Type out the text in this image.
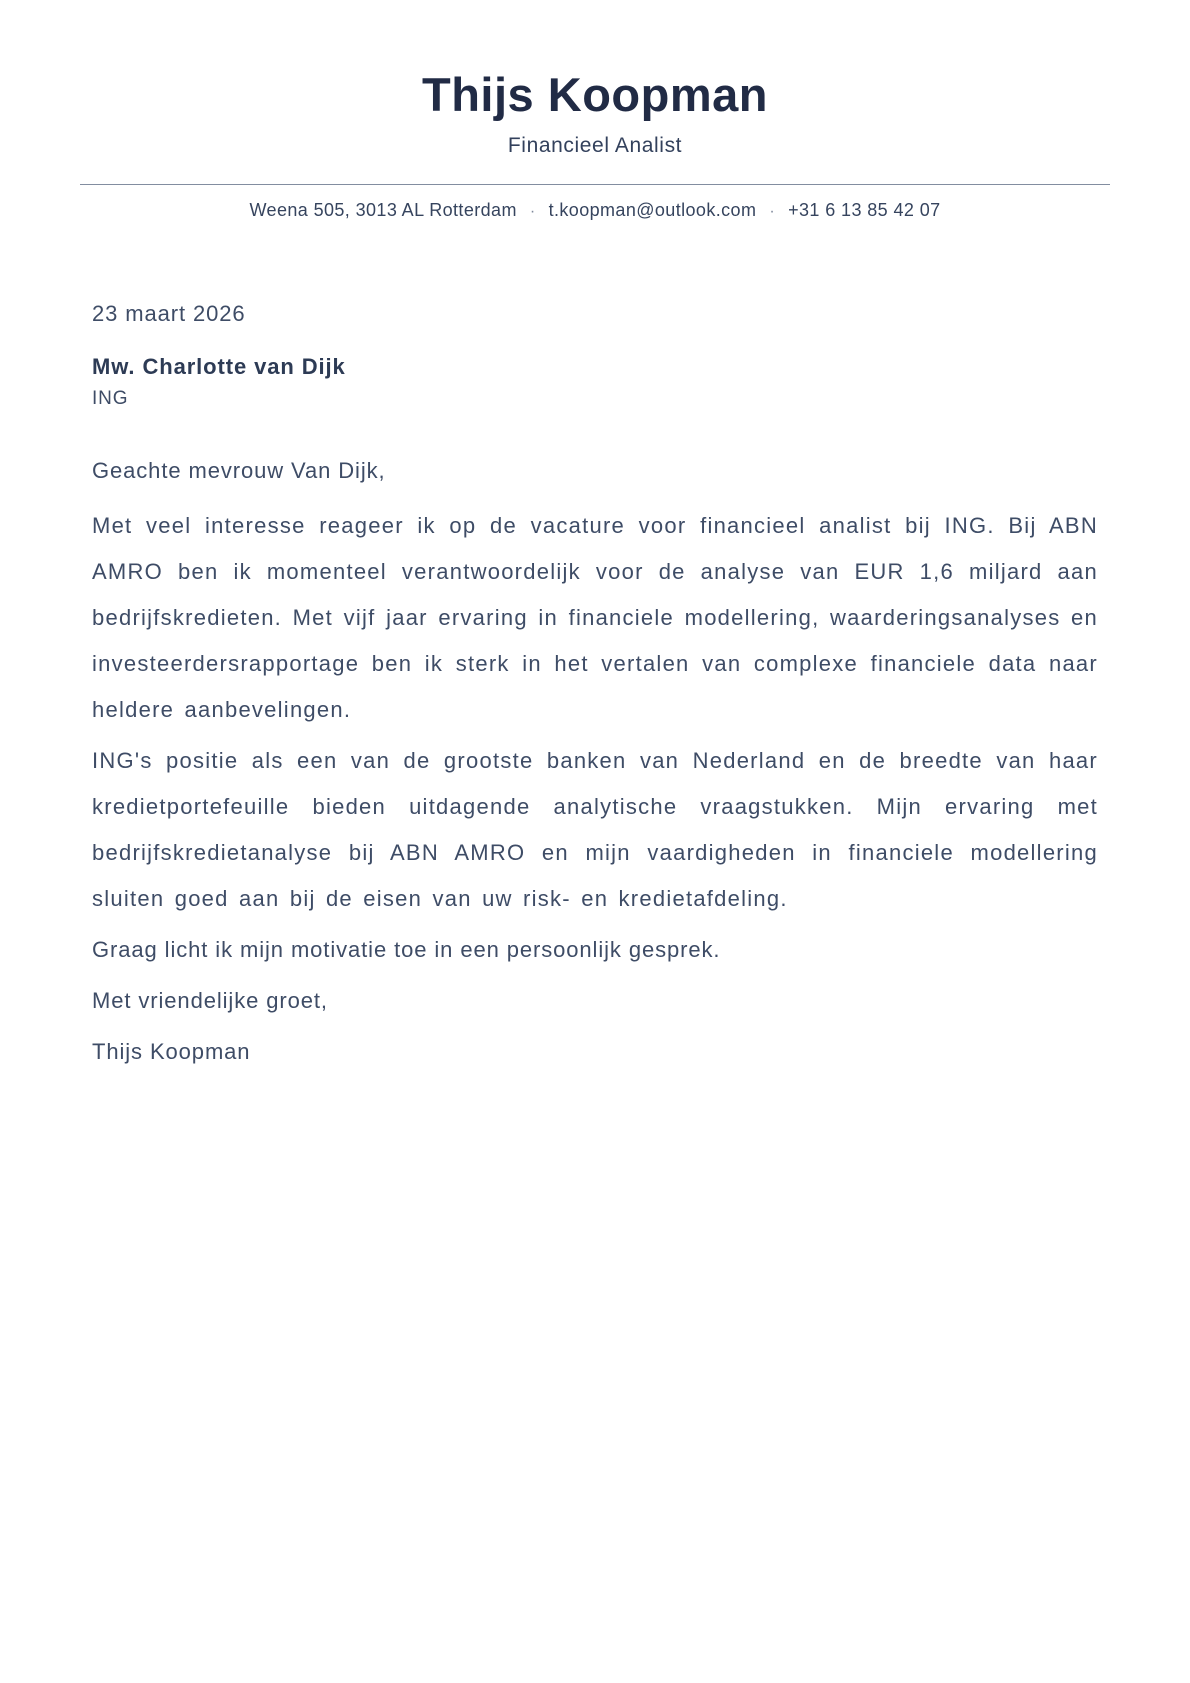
Thijs Koopman
Financieel Analist
Weena 505, 3013 AL Rotterdam · t.koopman@outlook.com · +31 6 13 85 42 07

23 maart 2026

Mw. Charlotte van Dijk

ING

Geachte mevrouw Van Dijk,

Met veel interesse reageer ik op de vacature voor financieel analist bij ING. Bij ABN AMRO ben ik momenteel verantwoordelijk voor de analyse van EUR 1,6 miljard aan bedrijfskredieten. Met vijf jaar ervaring in financiele modellering, waarderingsanalyses en investeerdersrapportage ben ik sterk in het vertalen van complexe financiele data naar heldere aanbevelingen.

ING's positie als een van de grootste banken van Nederland en de breedte van haar kredietportefeuille bieden uitdagende analytische vraagstukken. Mijn ervaring met bedrijfskredietanalyse bij ABN AMRO en mijn vaardigheden in financiele modellering sluiten goed aan bij de eisen van uw risk- en kredietafdeling.

Graag licht ik mijn motivatie toe in een persoonlijk gesprek.

Met vriendelijke groet,

Thijs Koopman
